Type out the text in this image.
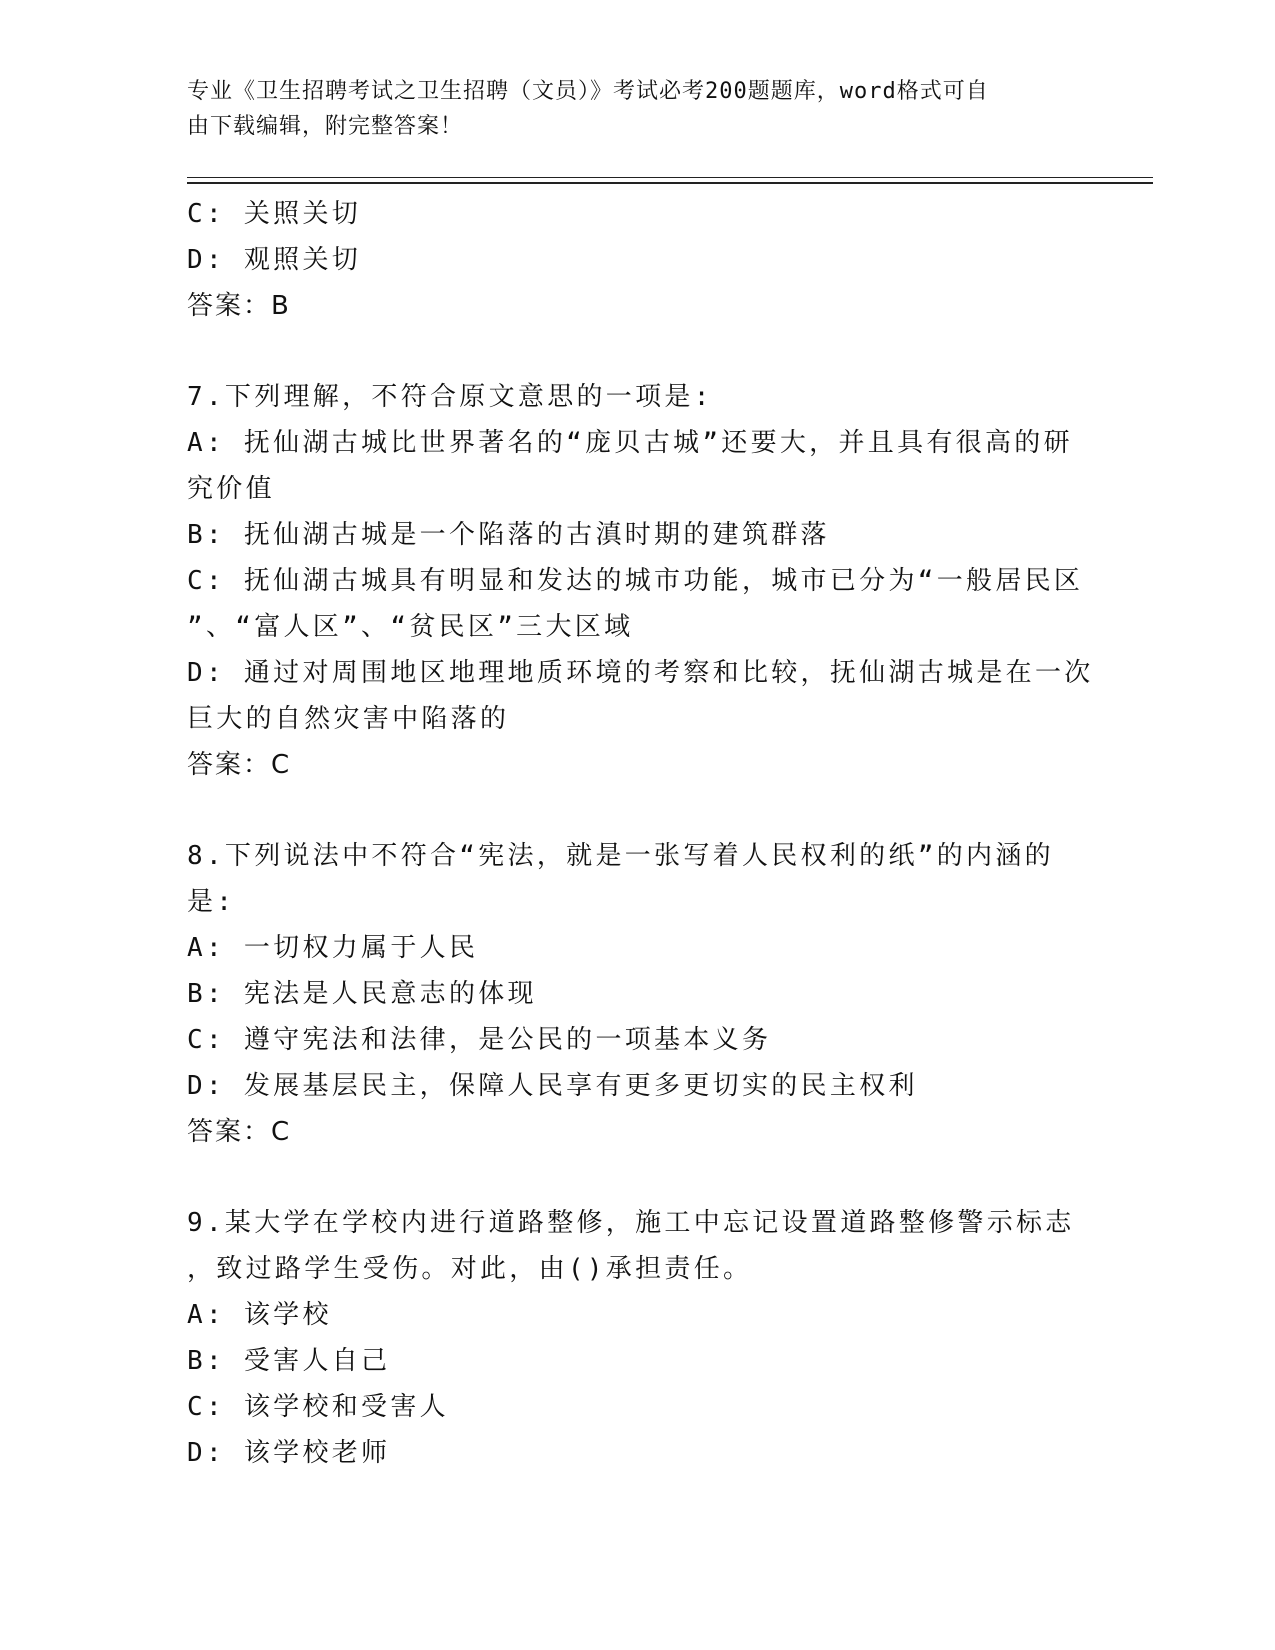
专业《卫生招聘考试之卫生招聘（文员）》考试必考200题题库，word格式可自
由下载编辑，附完整答案！
C: 关照关切
D: 观照关切
答案：B
7.下列理解，不符合原文意思的一项是:
A: 抚仙湖古城比世界著名的“庞贝古城”还要大，并且具有很高的研
究价值
B: 抚仙湖古城是一个陷落的古滇时期的建筑群落
C: 抚仙湖古城具有明显和发达的城市功能，城市已分为“一般居民区
”、“富人区”、“贫民区”三大区域
D: 通过对周围地区地理地质环境的考察和比较，抚仙湖古城是在一次
巨大的自然灾害中陷落的
答案：C
8.下列说法中不符合“宪法，就是一张写着人民权利的纸”的内涵的
是:
A: 一切权力属于人民
B: 宪法是人民意志的体现
C: 遵守宪法和法律，是公民的一项基本义务
D: 发展基层民主，保障人民享有更多更切实的民主权利
答案：C
9.某大学在学校内进行道路整修，施工中忘记设置道路整修警示标志
，致过路学生受伤。对此，由()承担责任。
A: 该学校
B: 受害人自己
C: 该学校和受害人
D: 该学校老师
